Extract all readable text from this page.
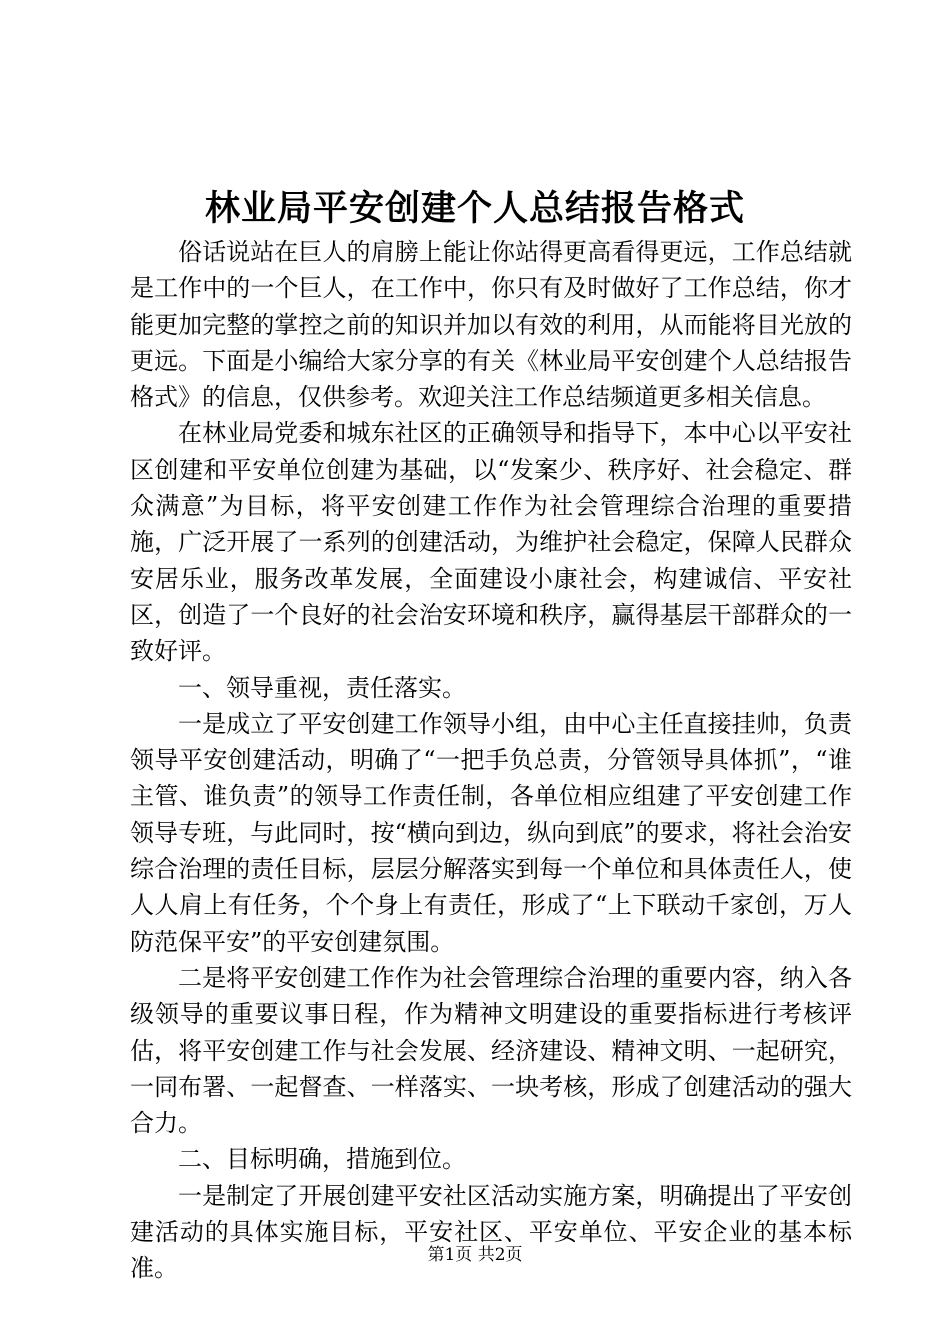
林业局平安创建个人总结报告格式

俗话说站在巨人的肩膀上能让你站得更高看得更远，工作总结就是工作中的一个巨人，在工作中，你只有及时做好了工作总结，你才能更加完整的掌控之前的知识并加以有效的利用，从而能将目光放的更远。下面是小编给大家分享的有关《林业局平安创建个人总结报告格式》的信息，仅供参考。欢迎关注工作总结频道更多相关信息。

在林业局党委和城东社区的正确领导和指导下，本中心以平安社区创建和平安单位创建为基础，以“发案少、秩序好、社会稳定、群众满意”为目标，将平安创建工作作为社会管理综合治理的重要措施，广泛开展了一系列的创建活动，为维护社会稳定，保障人民群众安居乐业，服务改革发展，全面建设小康社会，构建诚信、平安社区，创造了一个良好的社会治安环境和秩序，赢得基层干部群众的一致好评。

一、领导重视，责任落实。

一是成立了平安创建工作领导小组，由中心主任直接挂帅，负责领导平安创建活动，明确了“一把手负总责，分管领导具体抓”，“谁主管、谁负责”的领导工作责任制，各单位相应组建了平安创建工作领导专班，与此同时，按“横向到边，纵向到底”的要求，将社会治安综合治理的责任目标，层层分解落实到每一个单位和具体责任人，使人人肩上有任务，个个身上有责任，形成了“上下联动千家创，万人防范保平安”的平安创建氛围。

二是将平安创建工作作为社会管理综合治理的重要内容，纳入各级领导的重要议事日程，作为精神文明建设的重要指标进行考核评估，将平安创建工作与社会发展、经济建设、精神文明、一起研究，一同布署、一起督查、一样落实、一块考核，形成了创建活动的强大合力。

二、目标明确，措施到位。

一是制定了开展创建平安社区活动实施方案，明确提出了平安创建活动的具体实施目标，平安社区、平安单位、平安企业的基本标准。	第1页 共2页
